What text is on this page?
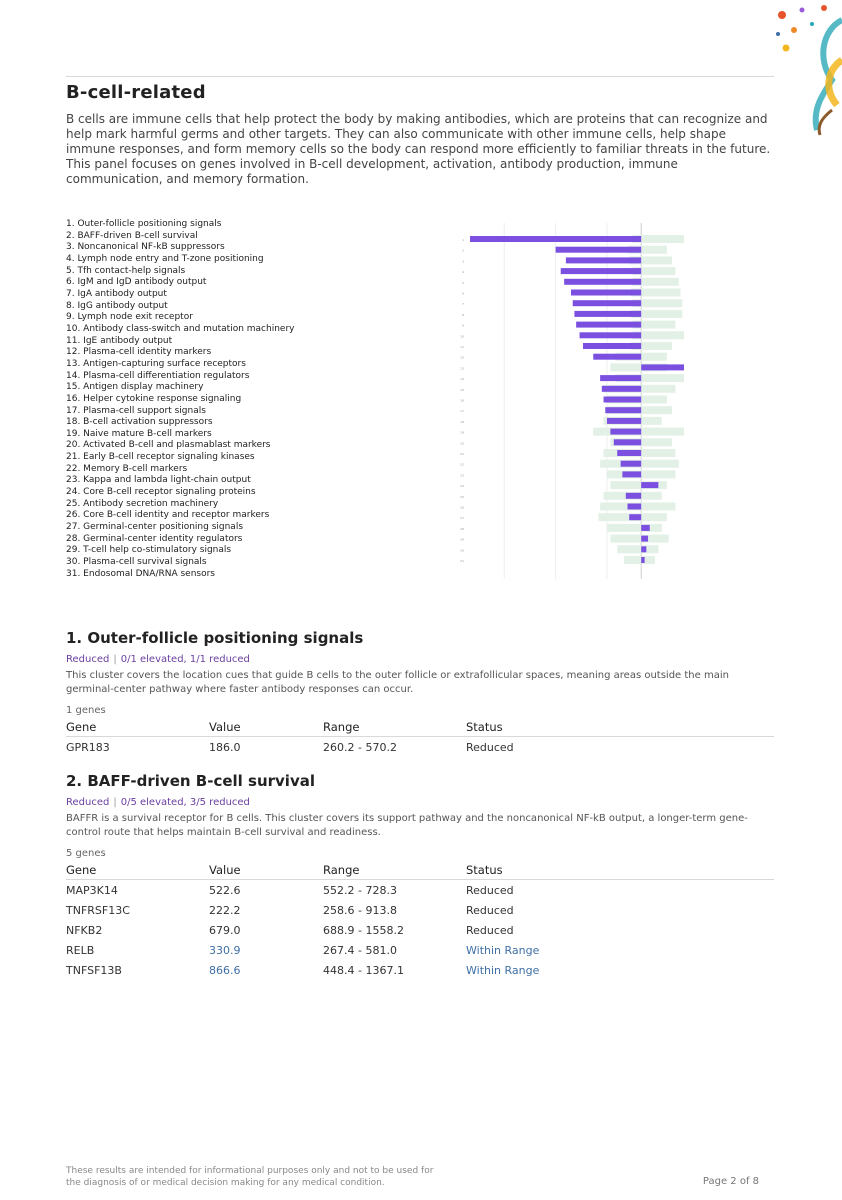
B-cell-related

B cells are immune cells that help protect the body by making antibodies, which are proteins that can recognize and help mark harmful germs and other targets. They can also communicate with other immune cells, help shape immune responses, and form memory cells so the body can respond more efficiently to familiar threats in the future. This panel focuses on genes involved in B-cell development, activation, antibody production, immune communication, and memory formation.

1. Outer-follicle positioning signals
2. BAFF-driven B-cell survival
3. Noncanonical NF-kB suppressors
4. Lymph node entry and T-zone positioning
5. Tfh contact-help signals
6. IgM and IgD antibody output
7. IgA antibody output
8. IgG antibody output
9. Lymph node exit receptor
10. Antibody class-switch and mutation machinery
11. IgE antibody output
12. Plasma-cell identity markers
13. Antigen-capturing surface receptors
14. Plasma-cell differentiation regulators
15. Antigen display machinery
16. Helper cytokine response signaling
17. Plasma-cell support signals
18. B-cell activation suppressors
19. Naive mature B-cell markers
20. Activated B-cell and plasmablast markers
21. Early B-cell receptor signaling kinases
22. Memory B-cell markers
23. Kappa and lambda light-chain output
24. Core B-cell receptor signaling proteins
25. Antibody secretion machinery
26. Core B-cell identity and receptor markers
27. Germinal-center positioning signals
28. Germinal-center identity regulators
29. T-cell help co-stimulatory signals
30. Plasma-cell survival signals
31. Endosomal DNA/RNA sensors
1
2
3
4
5
6
7
8
9
10
11
12
13
14
15
16
17
18
19
20
21
22
23
24
25
26
27
28
29
30
31
1. Outer-follicle positioning signals
Reduced | 0/1 elevated, 1/1 reduced

This cluster covers the location cues that guide B cells to the outer follicle or extrafollicular spaces, meaning areas outside the main germinal-center pathway where faster antibody responses can occur.

1 genes
Gene	Value	Range	Status
GPR183	186.0	260.2 - 570.2	Reduced
2. BAFF-driven B-cell survival
Reduced | 0/5 elevated, 3/5 reduced

BAFFR is a survival receptor for B cells. This cluster covers its support pathway and the noncanonical NF-kB output, a longer-term gene-control route that helps maintain B-cell survival and readiness.

5 genes
Gene	Value	Range	Status
MAP3K14	522.6	552.2 - 728.3	Reduced
TNFRSF13C	222.2	258.6 - 913.8	Reduced
NFKB2	679.0	688.9 - 1558.2	Reduced
RELB	330.9	267.4 - 581.0	Within Range
TNFSF13B	866.6	448.4 - 1367.1	Within Range

These results are intended for informational purposes only and not to be used for
the diagnosis of or medical decision making for any medical condition.	Page 2 of 8
